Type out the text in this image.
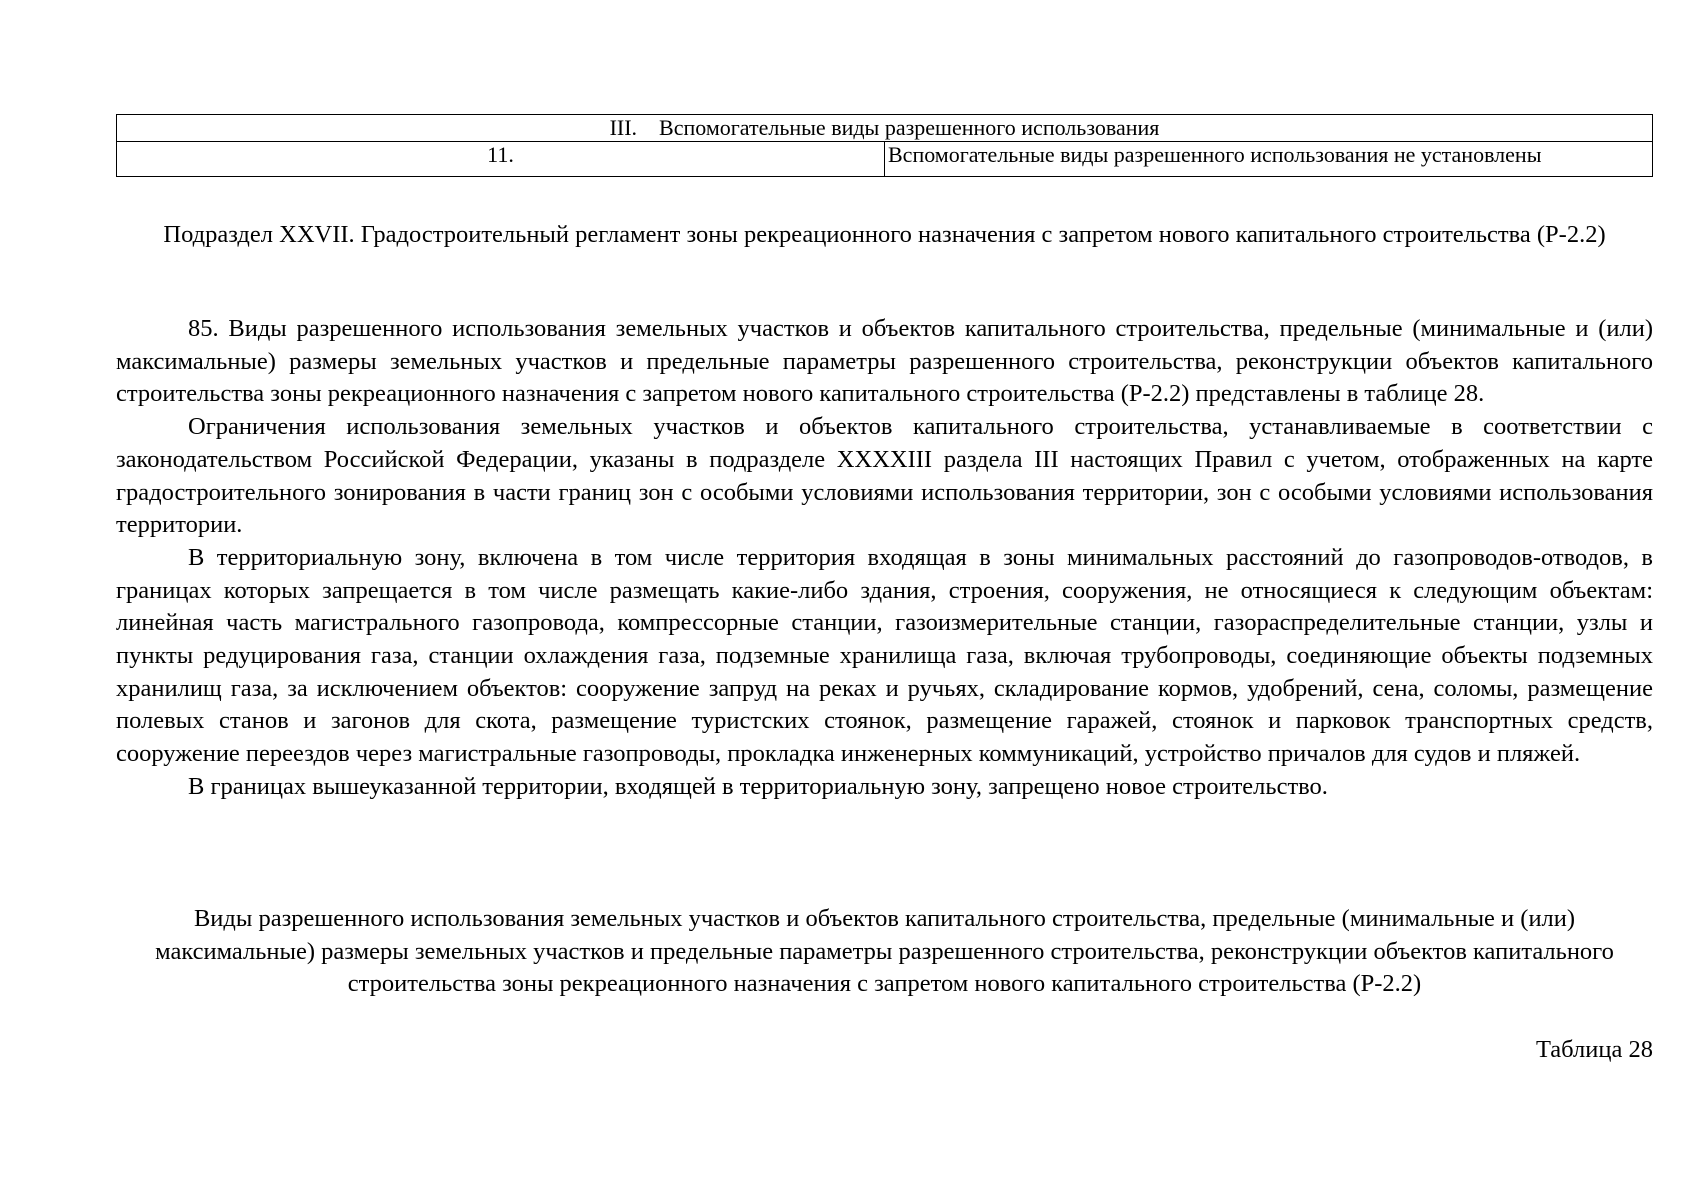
III. Вспомогательные виды разрешенного использования
11.	Вспомогательные виды разрешенного использования не установлены
Подраздел XXVII. Градостроительный регламент зоны рекреационного назначения с запретом нового капитального строительства (Р-2.2)

85. Виды разрешенного использования земельных участков и объектов капитального строительства, предельные (минимальные и (или) максимальные) размеры земельных участков и предельные параметры разрешенного строительства, реконструкции объектов капитального строительства зоны рекреационного назначения с запретом нового капитального строительства (Р-2.2) представлены в таблице 28.

Ограничения использования земельных участков и объектов капитального строительства, устанавливаемые в соответствии с законодательством Российской Федерации, указаны в подразделе XXXXIII раздела III настоящих Правил с учетом, отображенных на карте градостроительного зонирования в части границ зон с особыми условиями использования территории, зон с особыми условиями использования территории.

В территориальную зону, включена в том числе территория входящая в зоны минимальных расстояний до газопроводов-отводов, в границах которых запрещается в том числе размещать какие-либо здания, строения, сооружения, не относящиеся к следующим объектам: линейная часть магистрального газопровода, компрессорные станции, газоизмерительные станции, газораспределительные станции, узлы и пункты редуцирования газа, станции охлаждения газа, подземные хранилища газа, включая трубопроводы, соединяющие объекты подземных хранилищ газа, за исключением объектов: сооружение запруд на реках и ручьях, складирование кормов, удобрений, сена, соломы, размещение полевых станов и загонов для скота, размещение туристских стоянок, размещение гаражей, стоянок и парковок транспортных средств, сооружение переездов через магистральные газопроводы, прокладка инженерных коммуникаций, устройство причалов для судов и пляжей.

В границах вышеуказанной территории, входящей в территориальную зону, запрещено новое строительство.

Виды разрешенного использования земельных участков и объектов капитального строительства, предельные (минимальные и (или) максимальные) размеры земельных участков и предельные параметры разрешенного строительства, реконструкции объектов капитального строительства зоны рекреационного назначения с запретом нового капитального строительства (Р-2.2)
Таблица 28
